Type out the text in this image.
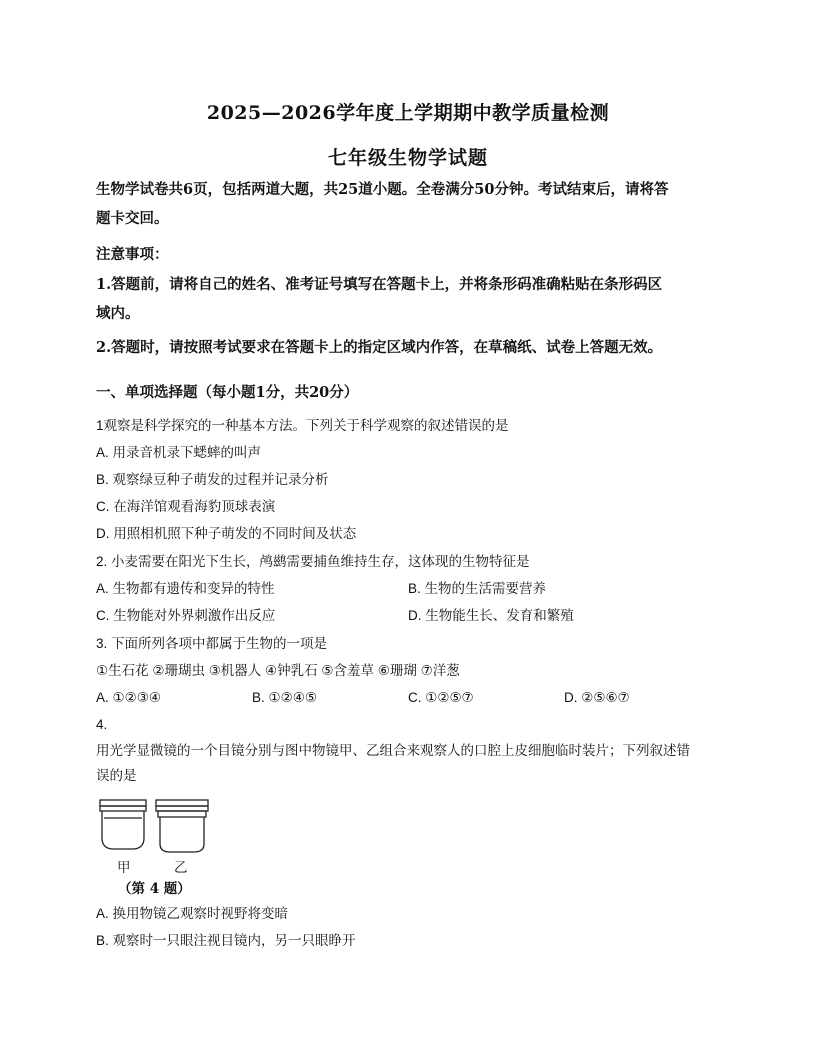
2025—2026学年度上学期期中教学质量检测
七年级生物学试题

生物学试卷共6页，包括两道大题，共25道小题。全卷满分50分钟。考试结束后，请将答

题卡交回。

注意事项：

1.答题前，请将自己的姓名、准考证号填写在答题卡上，并将条形码准确粘贴在条形码区

域内。

2.答题时，请按照考试要求在答题卡上的指定区域内作答，在草稿纸、试卷上答题无效。
一、单项选择题（每小题1分，共20分）
1观察是科学探究的一种基本方法。下列关于科学观察的叙述错误的是
A. 用录音机录下蟋蟀的叫声
B. 观察绿豆种子萌发的过程并记录分析
C. 在海洋馆观看海豹顶球表演
D. 用照相机照下种子萌发的不同时间及状态
2. 小麦需要在阳光下生长，鸬鹚需要捕鱼维持生存，这体现的生物特征是
A. 生物都有遗传和变异的特性	B. 生物的生活需要营养
C. 生物能对外界刺激作出反应	D. 生物能生长、发育和繁殖
3. 下面所列各项中都属于生物的一项是
①生石花 ②珊瑚虫 ③机器人 ④钟乳石 ⑤含羞草 ⑥珊瑚 ⑦洋葱
A. ①②③④	B. ①②④⑤	C. ①②⑤⑦	D. ②⑤⑥⑦
4.
用光学显微镜的一个目镜分别与图中物镜甲、乙组合来观察人的口腔上皮细胞临时装片；下列叙述错
误的是
甲	乙
（第 4 题）
A. 换用物镜乙观察时视野将变暗
B. 观察时一只眼注视目镜内，另一只眼睁开
